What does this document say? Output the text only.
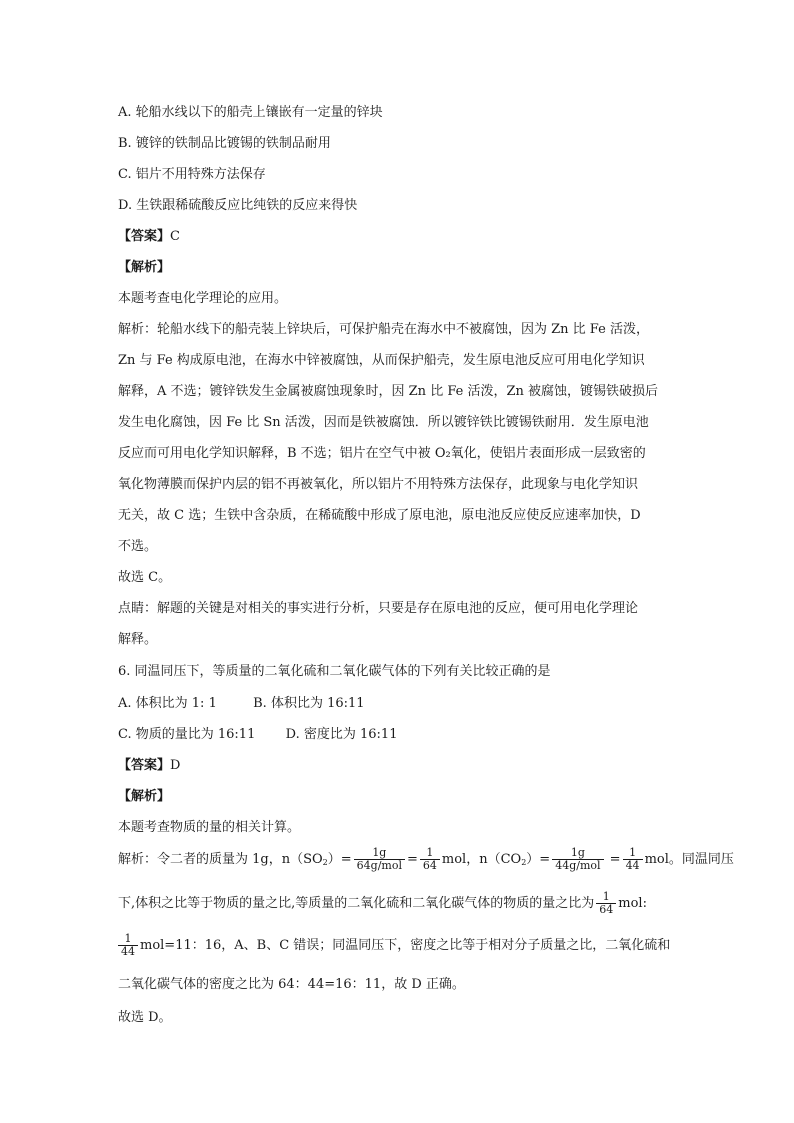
A. 轮船水线以下的船壳上镶嵌有一定量的锌块
B. 镀锌的铁制品比镀锡的铁制品耐用
C. 铝片不用特殊方法保存
D. 生铁跟稀硫酸反应比纯铁的反应来得快
【答案】C
【解析】
本题考查电化学理论的应用。
解析：轮船水线下的船壳装上锌块后，可保护船壳在海水中不被腐蚀，因为 Zn 比 Fe 活泼，
Zn 与 Fe 构成原电池，在海水中锌被腐蚀，从而保护船壳，发生原电池反应可用电化学知识
解释，A 不选；镀锌铁发生金属被腐蚀现象时，因 Zn 比 Fe 活泼，Zn 被腐蚀，镀锡铁破损后
发生电化腐蚀，因 Fe 比 Sn 活泼，因而是铁被腐蚀．所以镀锌铁比镀锡铁耐用．发生原电池
反应而可用电化学知识解释，B 不选；铝片在空气中被 O₂氧化，使铝片表面形成一层致密的
氧化物薄膜而保护内层的铝不再被氧化，所以铝片不用特殊方法保存，此现象与电化学知识
无关，故 C 选；生铁中含杂质，在稀硫酸中形成了原电池，原电池反应使反应速率加快，D
不选。
故选 C。
点睛：解题的关键是对相关的事实进行分析，只要是存在原电池的反应，便可用电化学理论
解释。
6. 同温同压下，等质量的二氧化硫和二氧化碳气体的下列有关比较正确的是
A. 体积比为 1: 1	B. 体积比为 16:11
C. 物质的量比为 16:11 D. 密度比为 16:11
【答案】D
【解析】
本题考查物质的量的相关计算。
解析：令二者的质量为 1g，$n(SO_2)= \frac{1g}{\text{64g/mol}} = \frac{1}{64}$ mol，$n(CO_2)= \frac{1g}{\text{44g/mol}} = \frac{1}{44}$ mol。同温同压
下,体积之比等于物质的量之比,等质量的二氧化硫和二氧化碳气体的物质的量之比为 $\frac{1}{64}$ mol:
$\frac{1}{44} mol=11$：16，A、B、C 错误；同温同压下，密度之比等于相对分子质量之比，二氧化硫和
二氧化碳气体的密度之比为 64：44=16：11，故 D 正确。
故选 D。
